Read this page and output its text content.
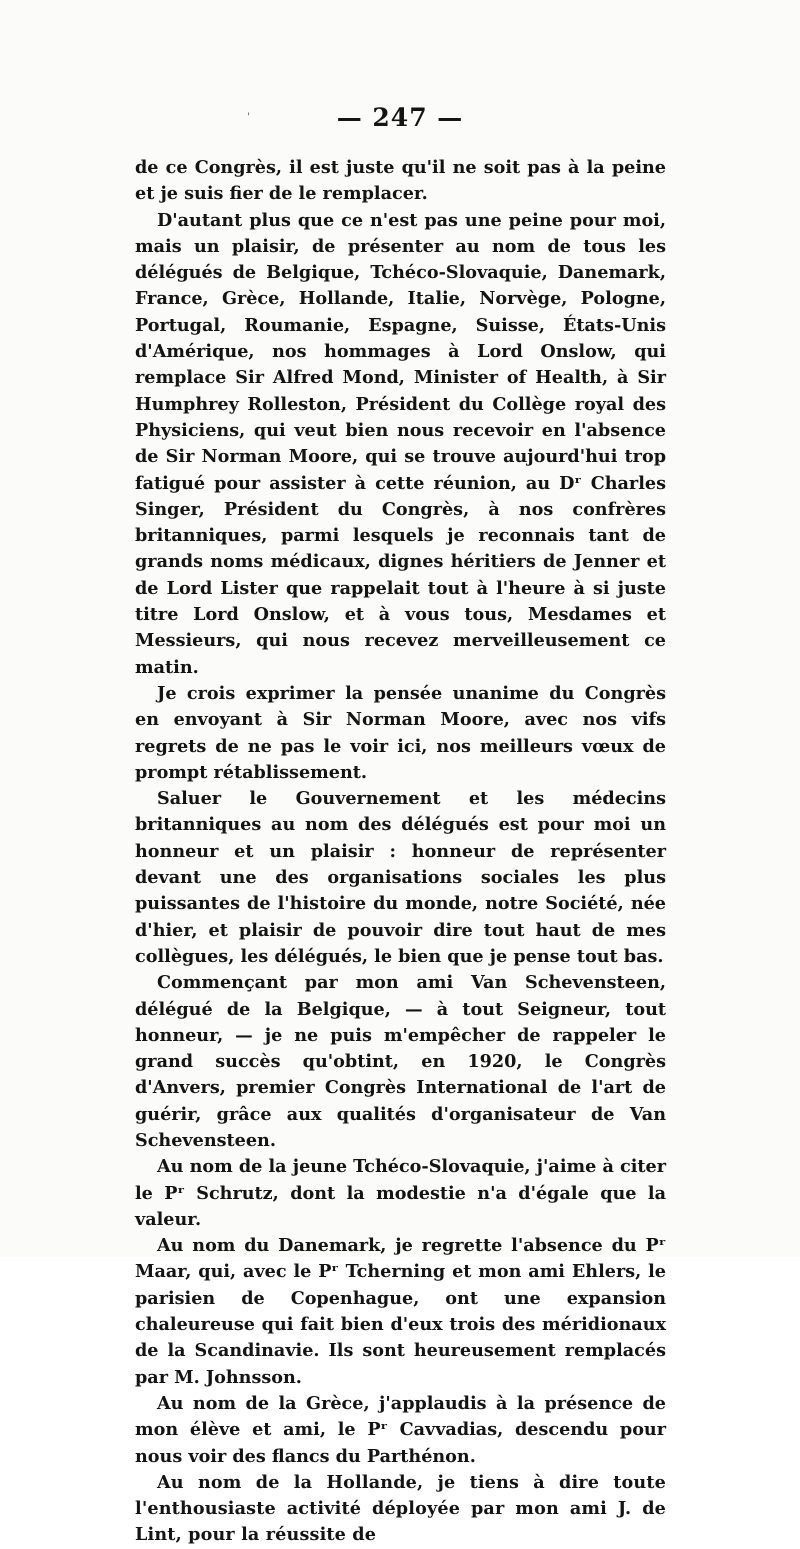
'	— 247 —

de ce Congrès, il est juste qu'il ne soit pas à la peine et je suis fier de le remplacer.

D'autant plus que ce n'est pas une peine pour moi, mais un plaisir, de présenter au nom de tous les délégués de Belgique, Tchéco-Slovaquie, Danemark, France, Grèce, Hollande, Italie, Norvège, Pologne, Portugal, Roumanie, Espagne, Suisse, États-Unis d'Amérique, nos hommages à Lord Onslow, qui remplace Sir Alfred Mond, Minister of Health, à Sir Humphrey Rolleston, Président du Collège royal des Physiciens, qui veut bien nous recevoir en l'absence de Sir Norman Moore, qui se trouve aujourd'hui trop fatigué pour assister à cette réunion, au Dʳ Charles Singer, Président du Congrès, à nos confrères britanniques, parmi lesquels je reconnais tant de grands noms médicaux, dignes héritiers de Jenner et de Lord Lister que rappelait tout à l'heure à si juste titre Lord Onslow, et à vous tous, Mesdames et Messieurs, qui nous recevez merveilleusement ce matin.

Je crois exprimer la pensée unanime du Congrès en envoyant à Sir Norman Moore, avec nos vifs regrets de ne pas le voir ici, nos meilleurs vœux de prompt rétablissement.

Saluer le Gouvernement et les médecins britanniques au nom des délégués est pour moi un honneur et un plaisir : honneur de représenter devant une des organisations sociales les plus puissantes de l'histoire du monde, notre Société, née d'hier, et plaisir de pouvoir dire tout haut de mes collègues, les délégués, le bien que je pense tout bas.

Commençant par mon ami Van Schevensteen, délégué de la Belgique, — à tout Seigneur, tout honneur, — je ne puis m'empêcher de rappeler le grand succès qu'obtint, en 1920, le Congrès d'Anvers, premier Congrès International de l'art de guérir, grâce aux qualités d'organisateur de Van Schevensteen.

Au nom de la jeune Tchéco-Slovaquie, j'aime à citer le Pʳ Schrutz, dont la modestie n'a d'égale que la valeur.

Au nom du Danemark, je regrette l'absence du Pʳ Maar, qui, avec le Pʳ Tcherning et mon ami Ehlers, le parisien de Copenhague, ont une expansion chaleureuse qui fait bien d'eux trois des méridionaux de la Scandinavie. Ils sont heureusement remplacés par M. Johnsson.

Au nom de la Grèce, j'applaudis à la présence de mon élève et ami, le Pʳ Cavvadias, descendu pour nous voir des flancs du Parthénon.

Au nom de la Hollande, je tiens à dire toute l'enthousiaste activité déployée par mon ami J. de Lint, pour la réussite de
